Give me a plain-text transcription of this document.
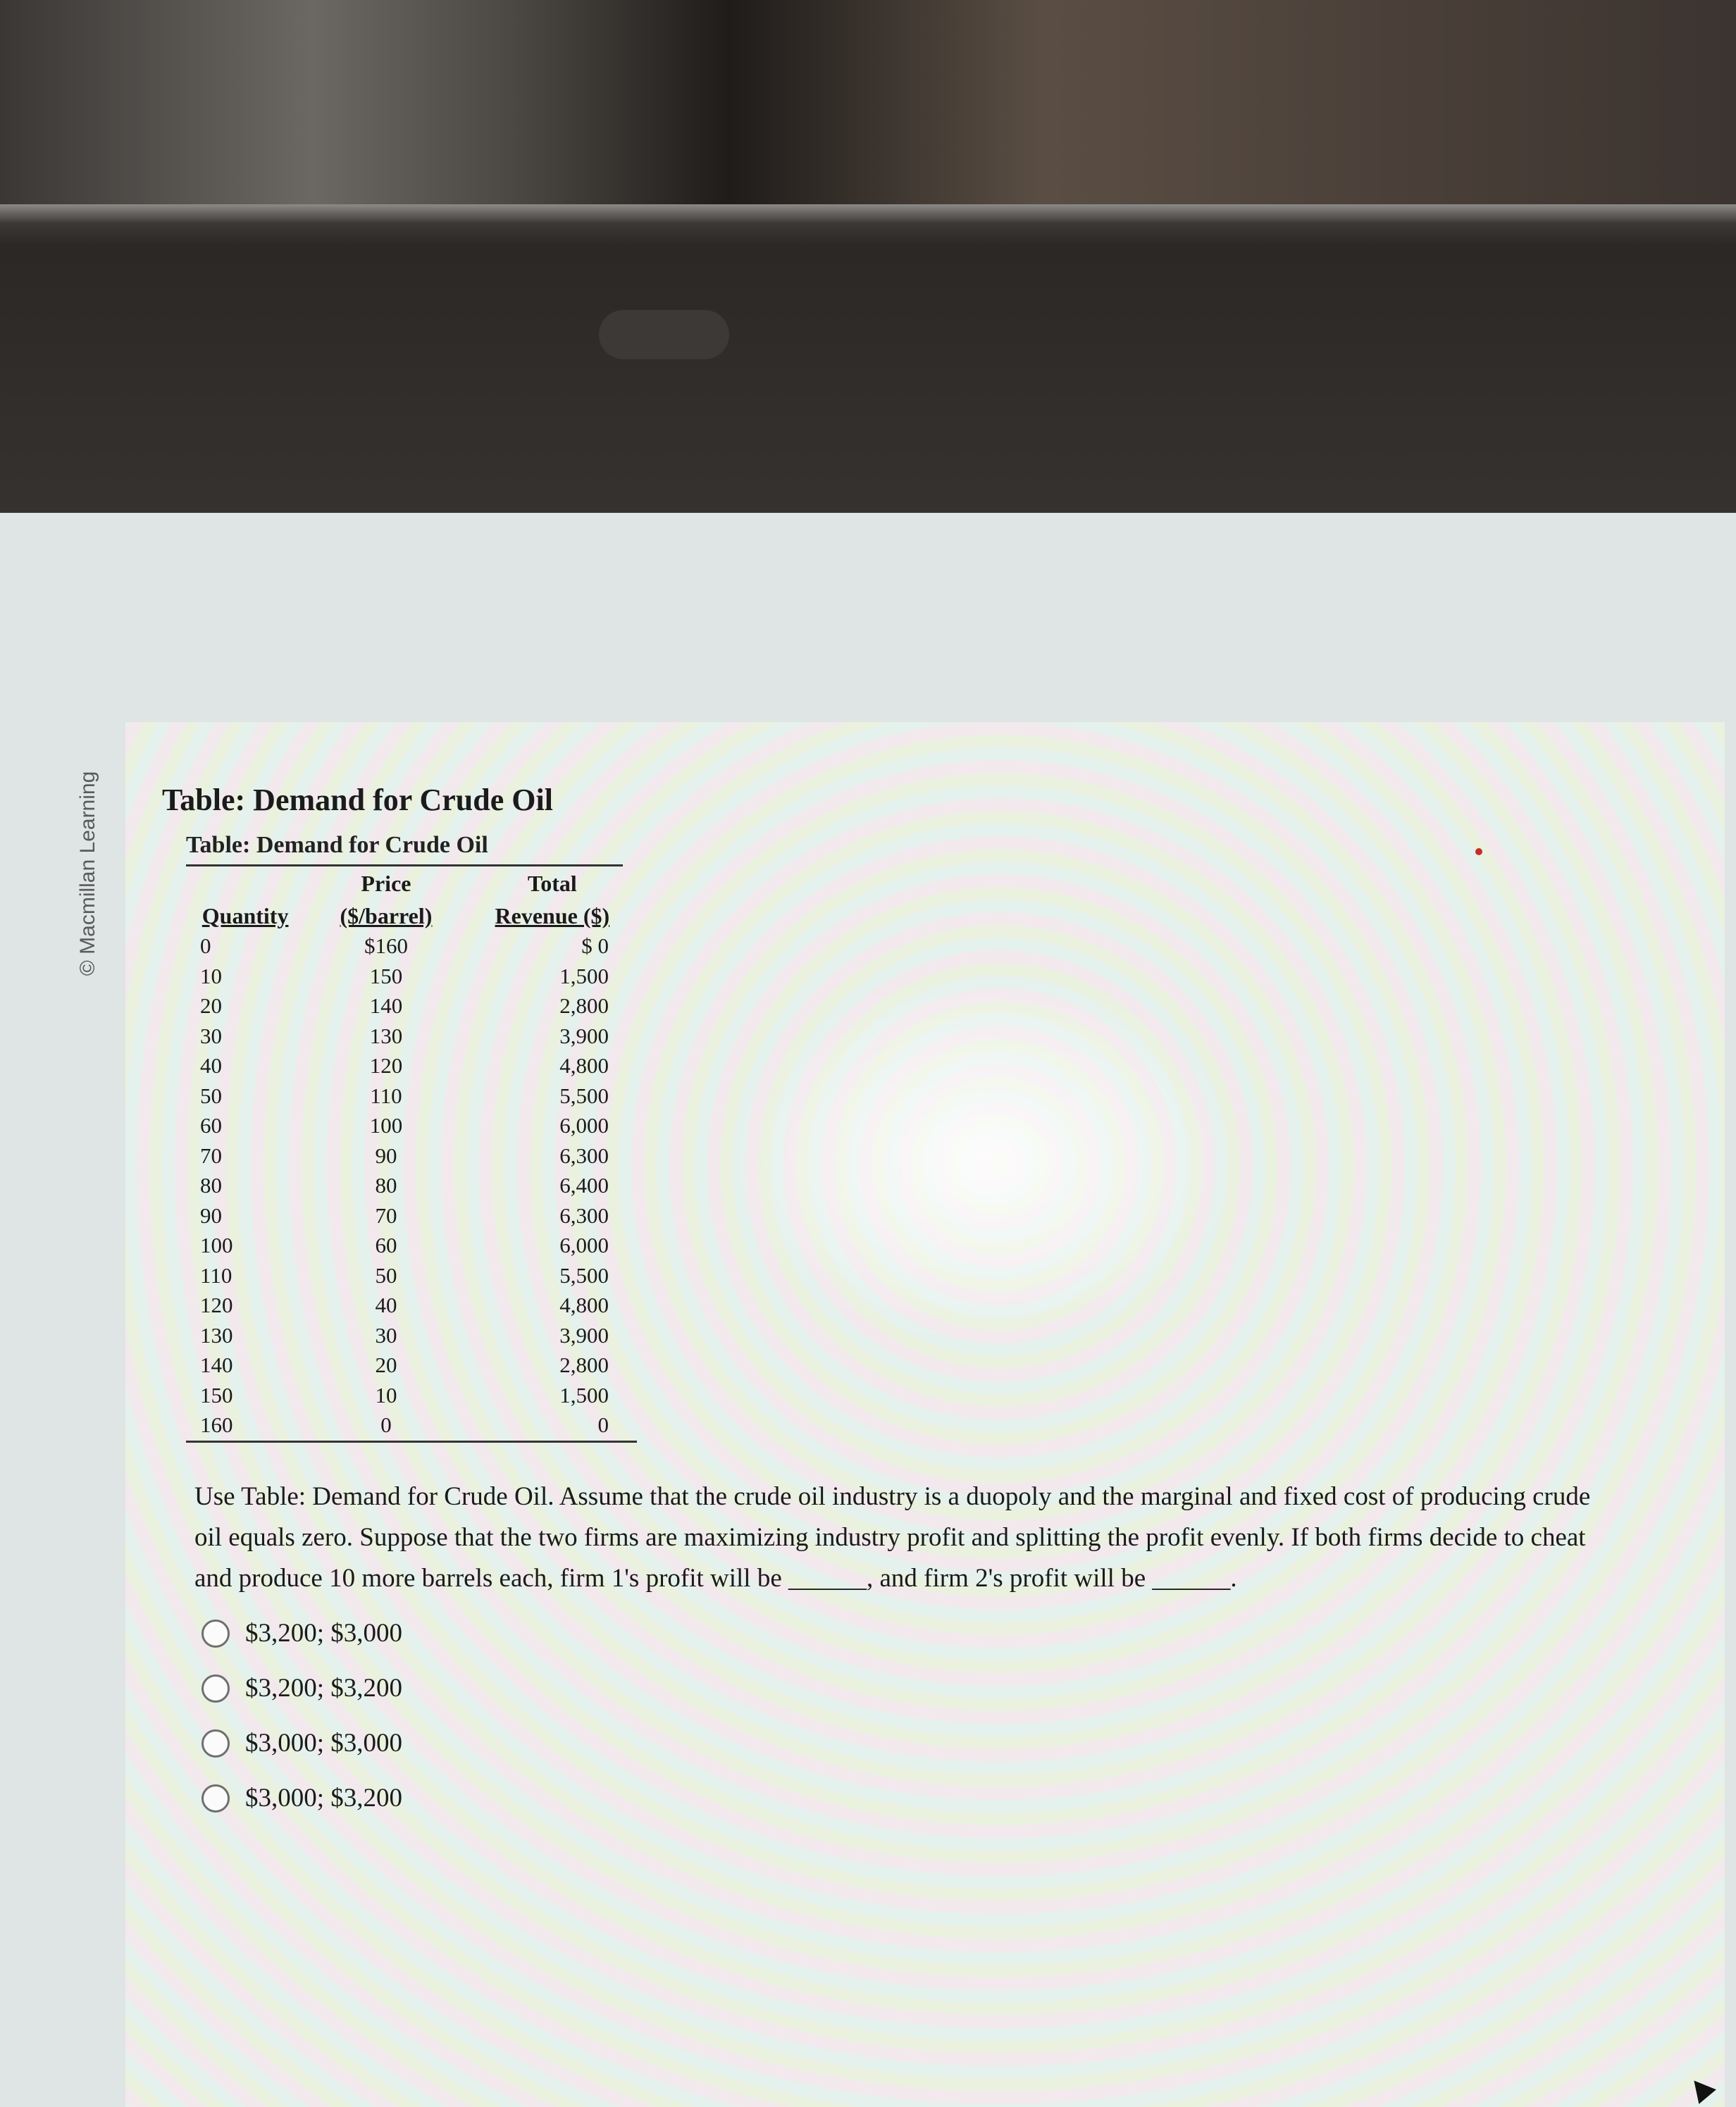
© Macmillan Learning Table: Demand for Crude Oil
Table: Demand for Crude Oil
	Price	Total
Quantity	($/barrel)	Revenue ($)
0	$160	$ 0
10	150	1,500
20	140	2,800
30	130	3,900
40	120	4,800
50	110	5,500
60	100	6,000
70	90	6,300
80	80	6,400
90	70	6,300
100	60	6,000
110	50	5,500
120	40	4,800
130	30	3,900
140	20	2,800
150	10	1,500
160	0	0
Use Table: Demand for Crude Oil. Assume that the crude oil industry is a duopoly and the marginal and fixed cost of producing crude oil equals zero. Suppose that the two firms are maximizing industry profit and splitting the profit evenly. If both firms decide to cheat and produce 10 more barrels each, firm 1's profit will be ______, and firm 2's profit will be ______.
$3,200; $3,000
$3,200; $3,200
$3,000; $3,000
$3,000; $3,200
